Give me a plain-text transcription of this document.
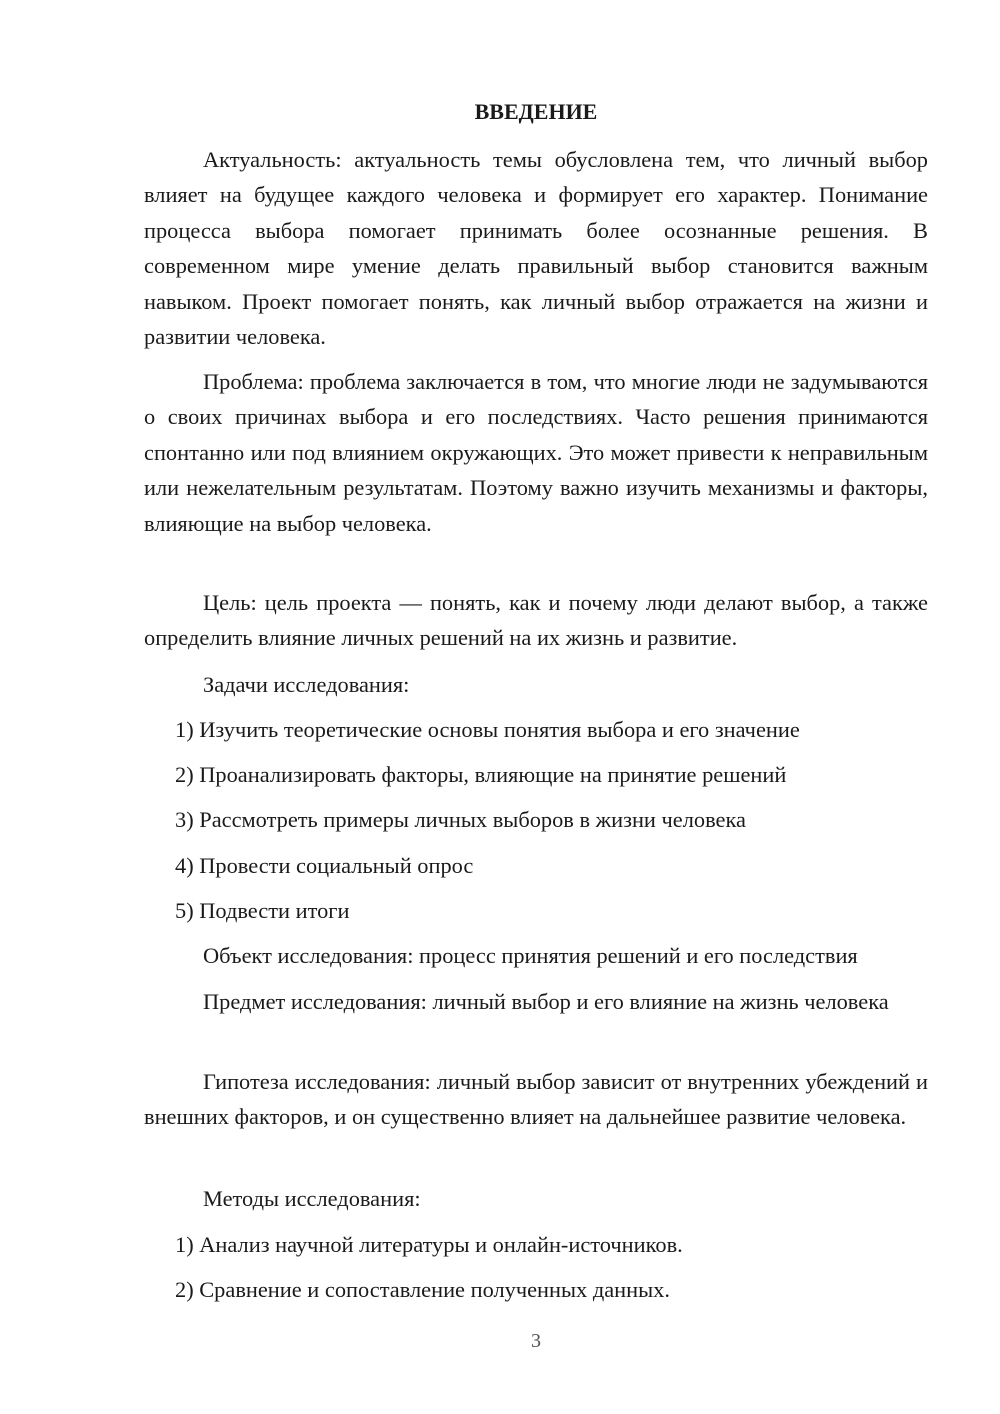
ВВЕДЕНИЕ

Актуальность: актуальность темы обусловлена тем, что личный выбор влияет на будущее каждого человека и формирует его характер. Понимание процесса выбора помогает принимать более осознанные решения. В современном мире умение делать правильный выбор становится важным навыком. Проект помогает понять, как личный выбор отражается на жизни и развитии человека.

Проблема: проблема заключается в том, что многие люди не задумываются о своих причинах выбора и его последствиях. Часто решения принимаются спонтанно или под влиянием окружающих. Это может привести к неправильным или нежелательным результатам. Поэтому важно изучить механизмы и факторы, влияющие на выбор человека.

Цель: цель проекта — понять, как и почему люди делают выбор, а также определить влияние личных решений на их жизнь и развитие.

Задачи исследования:

1) Изучить теоретические основы понятия выбора и его значение

2) Проанализировать факторы, влияющие на принятие решений

3) Рассмотреть примеры личных выборов в жизни человека

4) Провести социальный опрос

5) Подвести итоги

Объект исследования: процесс принятия решений и его последствия

Предмет исследования: личный выбор и его влияние на жизнь человека

Гипотеза исследования: личный выбор зависит от внутренних убеждений и внешних факторов, и он существенно влияет на дальнейшее развитие человека.

Методы исследования:

1) Анализ научной литературы и онлайн-источников.

2) Сравнение и сопоставление полученных данных.

3
